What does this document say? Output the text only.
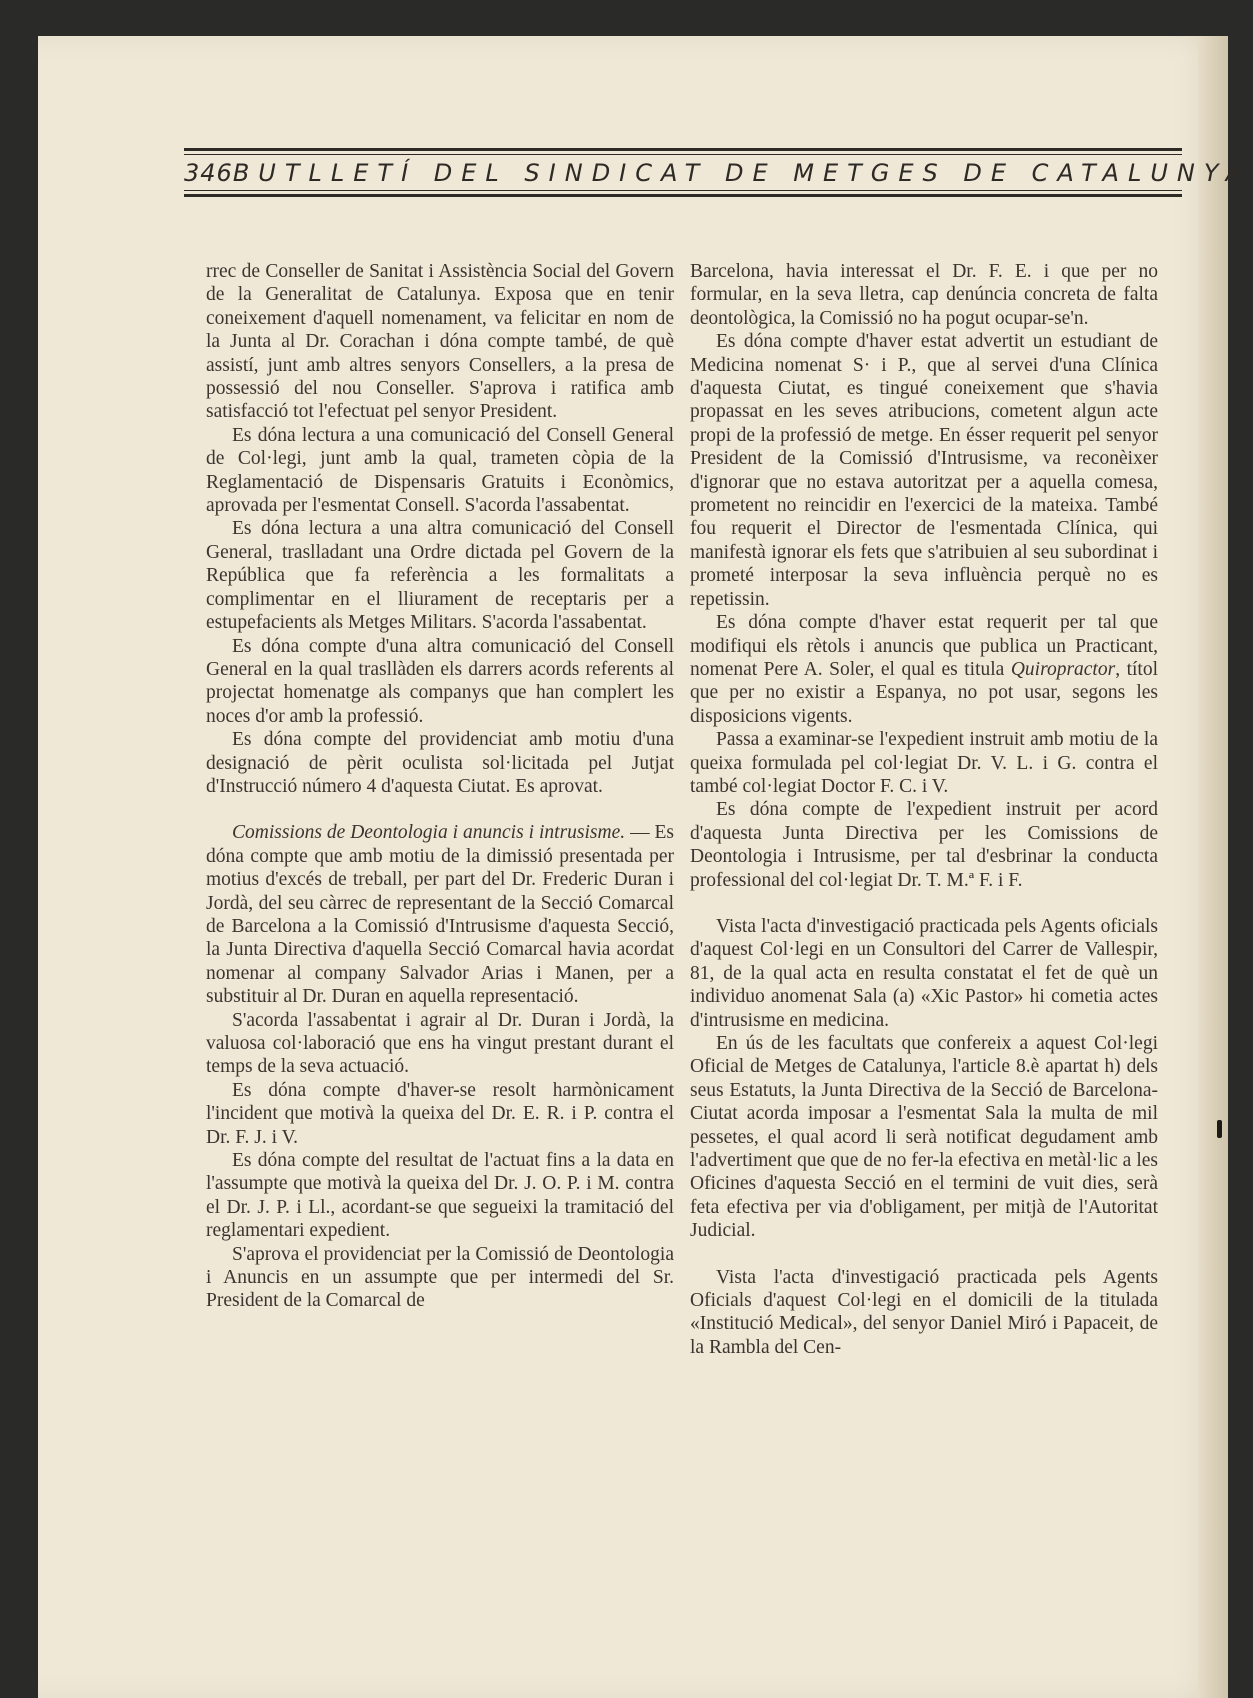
346 BUTLLETÍ DEL SINDICAT DE METGES DE CATALUNYA

rrec de Conseller de Sanitat i Assistència Social del Govern de la Generalitat de Catalunya. Exposa que en tenir coneixement d'aquell nomenament, va felicitar en nom de la Junta al Dr. Corachan i dóna compte també, de què assistí, junt amb altres senyors Consellers, a la presa de possessió del nou Conseller. S'aprova i ratifica amb satisfacció tot l'efectuat pel senyor President.

Es dóna lectura a una comunicació del Consell General de Col·legi, junt amb la qual, trameten còpia de la Reglamentació de Dispensaris Gratuits i Econòmics, aprovada per l'esmentat Consell. S'acorda l'assabentat.

Es dóna lectura a una altra comunicació del Consell General, traslladant una Ordre dictada pel Govern de la República que fa referència a les formalitats a complimentar en el lliurament de receptaris per a estupefacients als Metges Militars. S'acorda l'assabentat.

Es dóna compte d'una altra comunicació del Consell General en la qual trasllàden els darrers acords referents al projectat homenatge als companys que han complert les noces d'or amb la professió.

Es dóna compte del providenciat amb motiu d'una designació de pèrit oculista sol·licitada pel Jutjat d'Instrucció número 4 d'aquesta Ciutat. Es aprovat.

Comissions de Deontologia i anuncis i intrusisme. — Es dóna compte que amb motiu de la dimissió presentada per motius d'excés de treball, per part del Dr. Frederic Duran i Jordà, del seu càrrec de representant de la Secció Comarcal de Barcelona a la Comissió d'Intrusisme d'aquesta Secció, la Junta Directiva d'aquella Secció Comarcal havia acordat nomenar al company Salvador Arias i Manen, per a substituir al Dr. Duran en aquella representació.

S'acorda l'assabentat i agrair al Dr. Duran i Jordà, la valuosa col·laboració que ens ha vingut prestant durant el temps de la seva actuació.

Es dóna compte d'haver-se resolt harmònicament l'incident que motivà la queixa del Dr. E. R. i P. contra el Dr. F. J. i V.

Es dóna compte del resultat de l'actuat fins a la data en l'assumpte que motivà la queixa del Dr. J. O. P. i M. contra el Dr. J. P. i Ll., acordant-se que segueixi la tramitació del reglamentari expedient.

S'aprova el providenciat per la Comissió de Deontologia i Anuncis en un assumpte que per intermedi del Sr. President de la Comarcal de

Barcelona, havia interessat el Dr. F. E. i que per no formular, en la seva lletra, cap denúncia concreta de falta deontològica, la Comissió no ha pogut ocupar-se'n.

Es dóna compte d'haver estat advertit un estudiant de Medicina nomenat S· i P., que al servei d'una Clínica d'aquesta Ciutat, es tingué coneixement que s'havia propassat en les seves atribucions, cometent algun acte propi de la professió de metge. En ésser requerit pel senyor President de la Comissió d'Intrusisme, va reconèixer d'ignorar que no estava autoritzat per a aquella comesa, prometent no reincidir en l'exercici de la mateixa. També fou requerit el Director de l'esmentada Clínica, qui manifestà ignorar els fets que s'atribuien al seu subordinat i prometé interposar la seva influència perquè no es repetissin.

Es dóna compte d'haver estat requerit per tal que modifiqui els rètols i anuncis que publica un Practicant, nomenat Pere A. Soler, el qual es titula Quiropractor, títol que per no existir a Espanya, no pot usar, segons les disposicions vigents.

Passa a examinar-se l'expedient instruit amb motiu de la queixa formulada pel col·legiat Dr. V. L. i G. contra el també col·legiat Doctor F. C. i V.

Es dóna compte de l'expedient instruit per acord d'aquesta Junta Directiva per les Comissions de Deontologia i Intrusisme, per tal d'esbrinar la conducta professional del col·legiat Dr. T. M.ª F. i F.

Vista l'acta d'investigació practicada pels Agents oficials d'aquest Col·legi en un Consultori del Carrer de Vallespir, 81, de la qual acta en resulta constatat el fet de què un individuo anomenat Sala (a) «Xic Pastor» hi cometia actes d'intrusisme en medicina.

En ús de les facultats que confereix a aquest Col·legi Oficial de Metges de Catalunya, l'article 8.è apartat h) dels seus Estatuts, la Junta Directiva de la Secció de Barcelona-Ciutat acorda imposar a l'esmentat Sala la multa de mil pessetes, el qual acord li serà notificat degudament amb l'advertiment que que de no fer-la efectiva en metàl·lic a les Oficines d'aquesta Secció en el termini de vuit dies, serà feta efectiva per via d'obligament, per mitjà de l'Autoritat Judicial.

Vista l'acta d'investigació practicada pels Agents Oficials d'aquest Col·legi en el domicili de la titulada «Institució Medical», del senyor Daniel Miró i Papaceit, de la Rambla del Cen-
